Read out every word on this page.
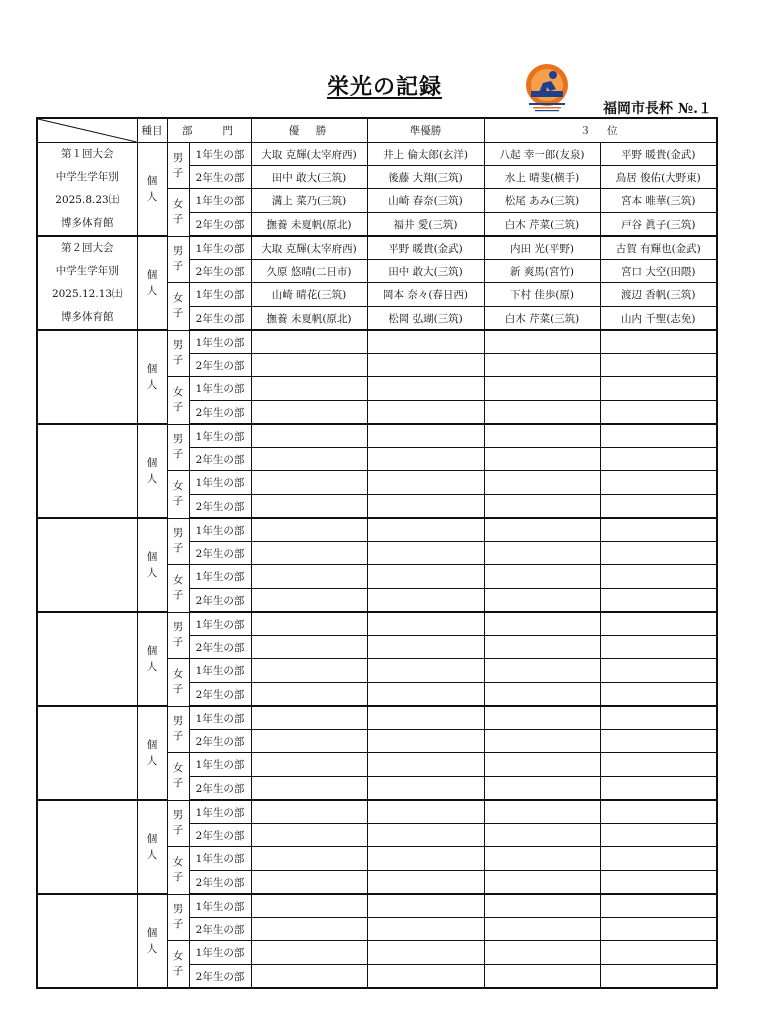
栄光の記録
福岡市長杯 №.１
	種目	部　　門		優　勝	準優勝	３　位	

第１回大会
中学生学年別
2025.8.23㈯
博多体育館	個人	男子	1年生の部	大取 克輝(太宰府西)	井上 倫太郎(玄洋)	八起 幸一郎(友泉)	平野 暖貴(金武)
			2年生の部	田中 敢大(三筑)	後藤 大翔(三筑)	水上 晴斐(横手)	鳥居 俊佑(大野東)
		女子	1年生の部	溝上 菜乃(三筑)	山崎 春奈(三筑)	松尾 あみ(三筑)	宮本 唯華(三筑)
			2年生の部	撫養 未夏帆(原北)	福井 愛(三筑)	白木 芹菜(三筑)	戸谷 眞子(三筑)

第２回大会
中学生学年別
2025.12.13㈯
博多体育館	個人	男子	1年生の部	大取 克輝(太宰府西)	平野 暖貴(金武)	内田 光(平野)	古賀 有輝也(金武)
			2年生の部	久原 悠晴(二日市)	田中 敢大(三筑)	新 爽馬(宮竹)	宮口 大空(田隈)
		女子	1年生の部	山崎 晴花(三筑)	岡本 奈々(春日西)	下村 佳歩(原)	渡辺 香帆(三筑)
			2年生の部	撫養 未夏帆(原北)	松岡 弘瑚(三筑)	白木 芹菜(三筑)	山内 千聖(志免)

	個人	男子	1年生の部				
			2年生の部				
		女子	1年生の部				
			2年生の部				

	個人	男子	1年生の部				
			2年生の部				
		女子	1年生の部				
			2年生の部				

	個人	男子	1年生の部				
			2年生の部				
		女子	1年生の部				
			2年生の部				

	個人	男子	1年生の部				
			2年生の部				
		女子	1年生の部				
			2年生の部				

	個人	男子	1年生の部				
			2年生の部				
		女子	1年生の部				
			2年生の部				

	個人	男子	1年生の部				
			2年生の部				
		女子	1年生の部				
			2年生の部				

	個人	男子	1年生の部				
			2年生の部				
		女子	1年生の部				
			2年生の部				
